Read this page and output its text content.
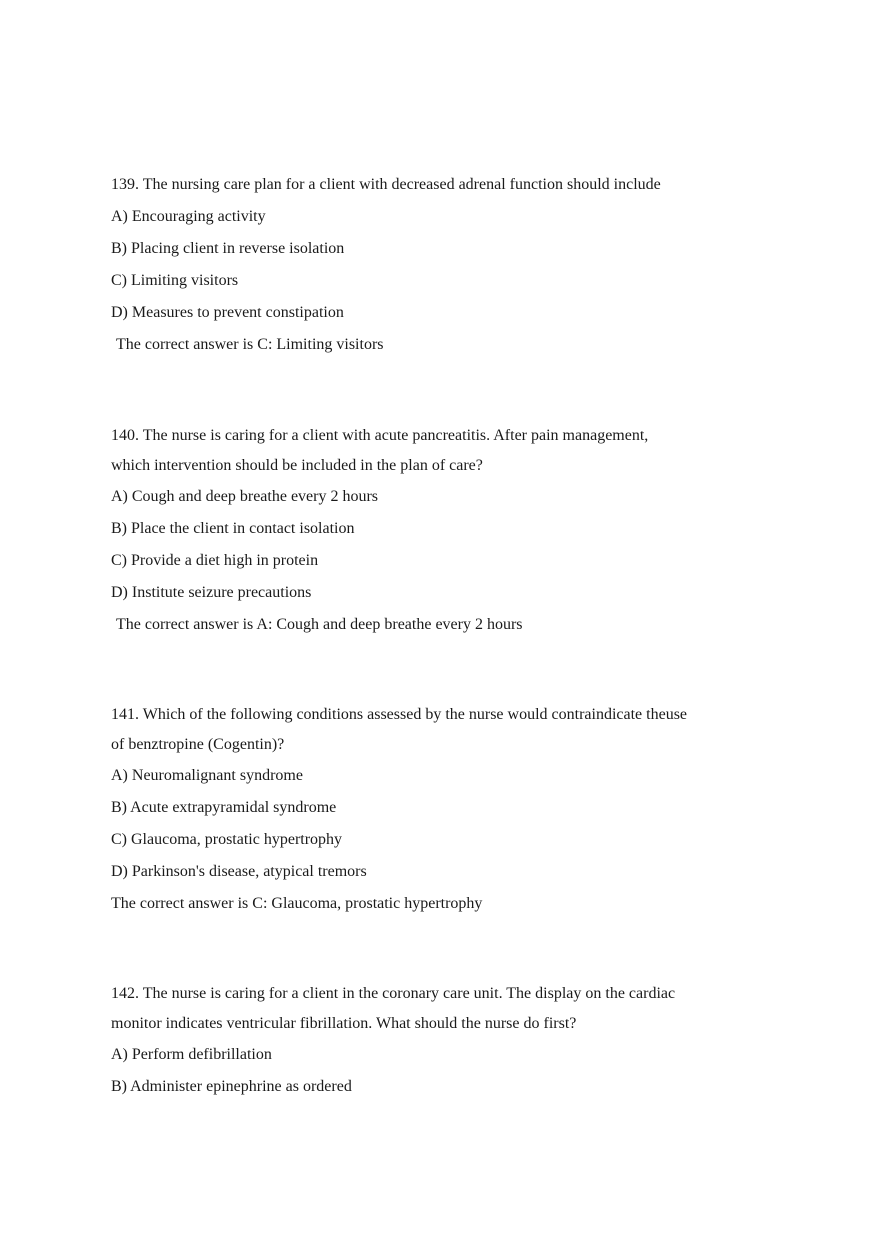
139. The nursing care plan for a client with decreased adrenal function should include
A) Encouraging activity
B) Placing client in reverse isolation
C) Limiting visitors
D) Measures to prevent constipation
The correct answer is C: Limiting visitors
140. The nurse is caring for a client with acute pancreatitis. After pain management,
which intervention should be included in the plan of care?
A) Cough and deep breathe every 2 hours
B) Place the client in contact isolation
C) Provide a diet high in protein
D) Institute seizure precautions
The correct answer is A: Cough and deep breathe every 2 hours
141. Which of the following conditions assessed by the nurse would contraindicate theuse
of benztropine (Cogentin)?
A) Neuromalignant syndrome
B) Acute extrapyramidal syndrome
C) Glaucoma, prostatic hypertrophy
D) Parkinson's disease, atypical tremors
The correct answer is C: Glaucoma, prostatic hypertrophy
142. The nurse is caring for a client in the coronary care unit. The display on the cardiac
monitor indicates ventricular fibrillation. What should the nurse do first?
A) Perform defibrillation
B) Administer epinephrine as ordered
